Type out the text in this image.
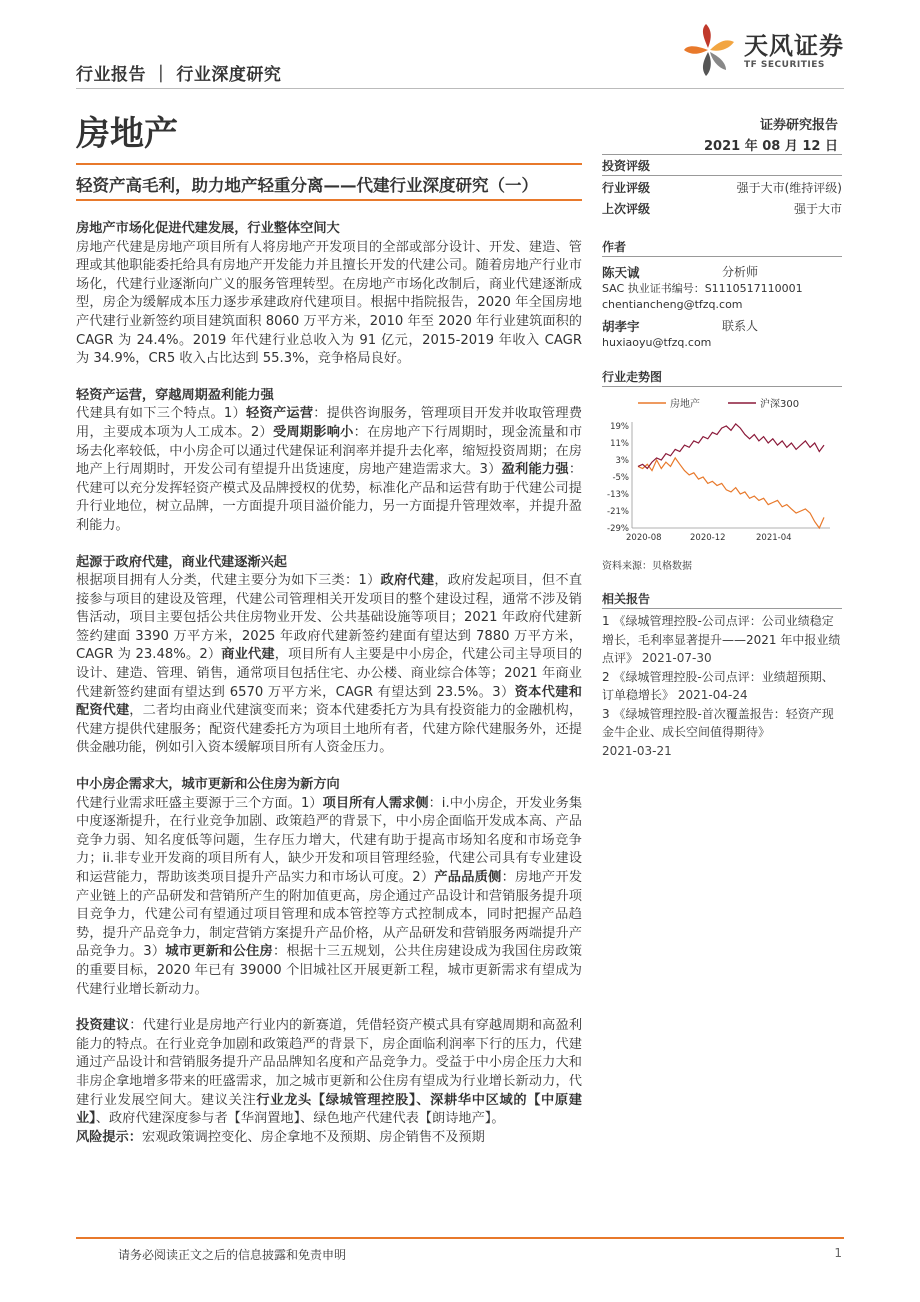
行业报告 ｜ 行业深度研究
天风证券
TF SECURITIES
房地产	证券研究报告
2021 年 08 月 12 日
轻资产高毛利，助力地产轻重分离——代建行业深度研究（一）
房地产市场化促进代建发展，行业整体空间大
房地产代建是房地产项目所有人将房地产开发项目的全部或部分设计、开发、建造、管理或其他职能委托给具有房地产开发能力并且擅长开发的代建公司。随着房地产行业市场化，代建行业逐渐向广义的服务管理转型。在房地产市场化改制后，商业代建逐渐成型，房企为缓解成本压力逐步承建政府代建项目。根据中指院报告，2020 年全国房地产代建行业新签约项目建筑面积 8060 万平方米，2010 年至 2020 年行业建筑面积的 CAGR 为 24.4%。2019 年代建行业总收入为 91 亿元，2015-2019 年收入 CAGR 为 34.9%，CR5 收入占比达到 55.3%，竞争格局良好。
轻资产运营，穿越周期盈利能力强
代建具有如下三个特点。1）轻资产运营：提供咨询服务，管理项目开发并收取管理费用，主要成本项为人工成本。2）受周期影响小：在房地产下行周期时，现金流量和市场去化率较低，中小房企可以通过代建保证利润率并提升去化率，缩短投资周期；在房地产上行周期时，开发公司有望提升出货速度，房地产建造需求大。3）盈利能力强：代建可以充分发挥轻资产模式及品牌授权的优势，标准化产品和运营有助于代建公司提升行业地位，树立品牌，一方面提升项目溢价能力，另一方面提升管理效率，并提升盈利能力。
起源于政府代建，商业代建逐渐兴起
根据项目拥有人分类，代建主要分为如下三类：1）政府代建，政府发起项目，但不直接参与项目的建设及管理，代建公司管理相关开发项目的整个建设过程，通常不涉及销售活动，项目主要包括公共住房物业开发、公共基础设施等项目；2021 年政府代建新签约建面 3390 万平方米，2025 年政府代建新签约建面有望达到 7880 万平方米，CAGR 为 23.48%。2）商业代建，项目所有人主要是中小房企，代建公司主导项目的设计、建造、管理、销售，通常项目包括住宅、办公楼、商业综合体等；2021 年商业代建新签约建面有望达到 6570 万平方米，CAGR 有望达到 23.5%。3）资本代建和配资代建，二者均由商业代建演变而来；资本代建委托方为具有投资能力的金融机构，代建方提供代建服务；配资代建委托方为项目土地所有者，代建方除代建服务外，还提供金融功能，例如引入资本缓解项目所有人资金压力。
中小房企需求大，城市更新和公住房为新方向
代建行业需求旺盛主要源于三个方面。1）项目所有人需求侧：i.中小房企，开发业务集中度逐渐提升，在行业竞争加剧、政策趋严的背景下，中小房企面临开发成本高、产品竞争力弱、知名度低等问题，生存压力增大，代建有助于提高市场知名度和市场竞争力；ii.非专业开发商的项目所有人，缺少开发和项目管理经验，代建公司具有专业建设和运营能力，帮助该类项目提升产品实力和市场认可度。2）产品品质侧：房地产开发产业链上的产品研发和营销所产生的附加值更高，房企通过产品设计和营销服务提升项目竞争力，代建公司有望通过项目管理和成本管控等方式控制成本，同时把握产品趋势，提升产品竞争力，制定营销方案提升产品价格，从产品研发和营销服务两端提升产品竞争力。3）城市更新和公住房：根据十三五规划，公共住房建设成为我国住房政策的重要目标，2020 年已有 39000 个旧城社区开展更新工程，城市更新需求有望成为代建行业增长新动力。
投资建议：代建行业是房地产行业内的新赛道，凭借轻资产模式具有穿越周期和高盈利能力的特点。在行业竞争加剧和政策趋严的背景下，房企面临利润率下行的压力，代建通过产品设计和营销服务提升产品品牌知名度和产品竞争力。受益于中小房企压力大和非房企拿地增多带来的旺盛需求，加之城市更新和公住房有望成为行业增长新动力，代建行业发展空间大。建议关注行业龙头【绿城管理控股】、深耕华中区域的【中原建业】、政府代建深度参与者【华润置地】、绿色地产代建代表【朗诗地产】。
风险提示：宏观政策调控变化、房企拿地不及预期、房企销售不及预期
投资评级
行业评级	强于大市(维持评级)
上次评级	强于大市
作者
陈天诚	分析师
SAC 执业证书编号：S1110517110001
chentiancheng@tfzq.com
胡孝宇	联系人
huxiaoyu@tfzq.com
行业走势图
房地产	沪深300
19%
11%
3%
-5%
-13%
-21%
-29%
2020-08	2020-12	2021-04
资料来源：贝格数据
相关报告
1 《绿城管理控股-公司点评：公司业绩稳定增长，毛利率显著提升——2021 年中报业绩点评》 2021-07-30
2 《绿城管理控股-公司点评：业绩超预期、订单稳增长》 2021-04-24
3 《绿城管理控股-首次覆盖报告：轻资产现金牛企业、成长空间值得期待》
2021-03-21
请务必阅读正文之后的信息披露和免责申明	1
